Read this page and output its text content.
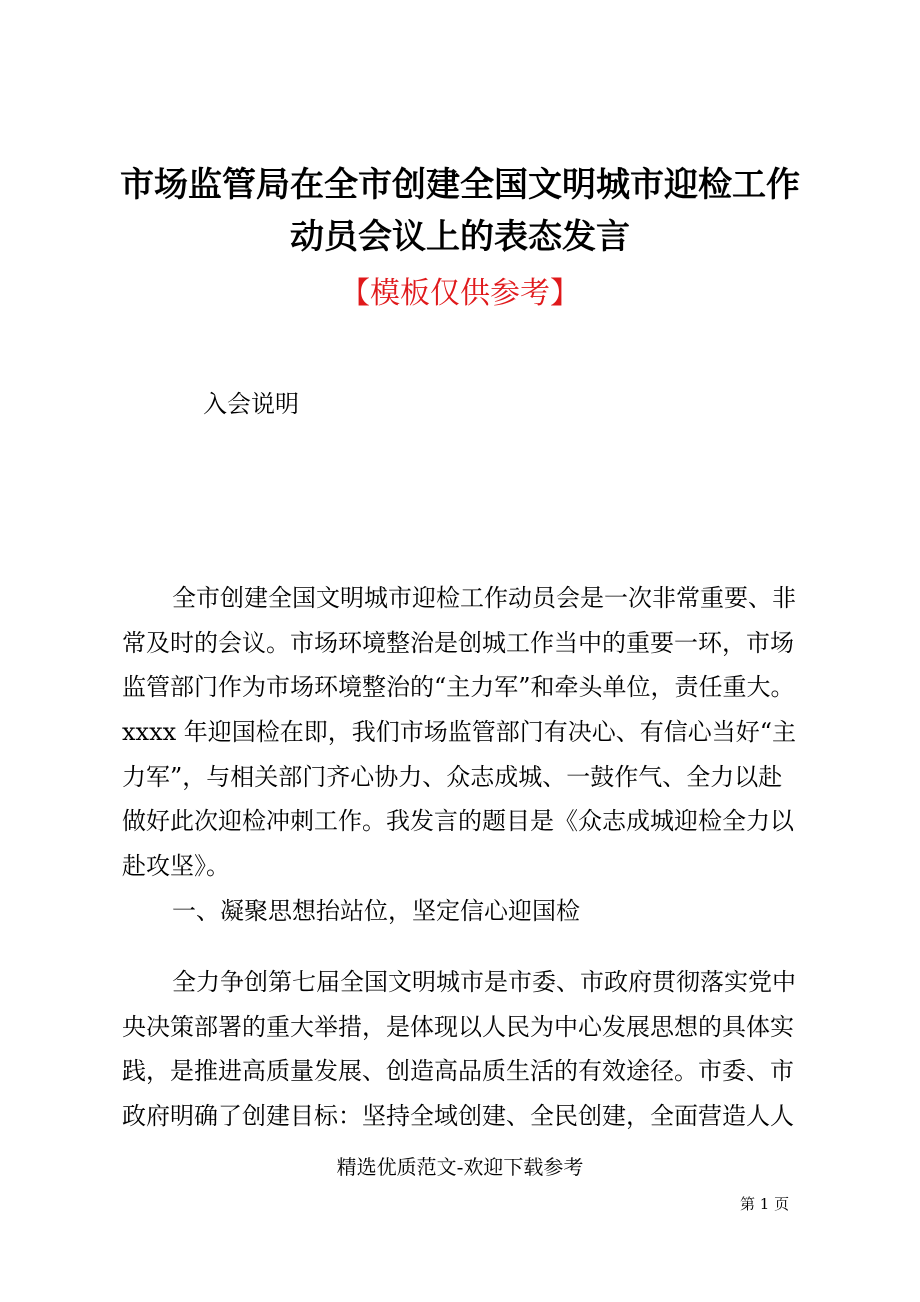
市场监管局在全市创建全国文明城市迎检工作
动员会议上的表态发言
【模板仅供参考】
入会说明
全市创建全国文明城市迎检工作动员会是一次非常重要、非
常及时的会议。市场环境整治是创城工作当中的重要一环，市场
监管部门作为市场环境整治的“主力军”和牵头单位，责任重大。
xxxx 年迎国检在即，我们市场监管部门有决心、有信心当好“主
力军”，与相关部门齐心协力、众志成城、一鼓作气、全力以赴
做好此次迎检冲刺工作。我发言的题目是《众志成城迎检全力以
赴攻坚》。
一、凝聚思想抬站位，坚定信心迎国检
全力争创第七届全国文明城市是市委、市政府贯彻落实党中
央决策部署的重大举措，是体现以人民为中心发展思想的具体实
践，是推进高质量发展、创造高品质生活的有效途径。市委、市
政府明确了创建目标：坚持全域创建、全民创建，全面营造人人
精选优质范文-欢迎下载参考
第 1 页
